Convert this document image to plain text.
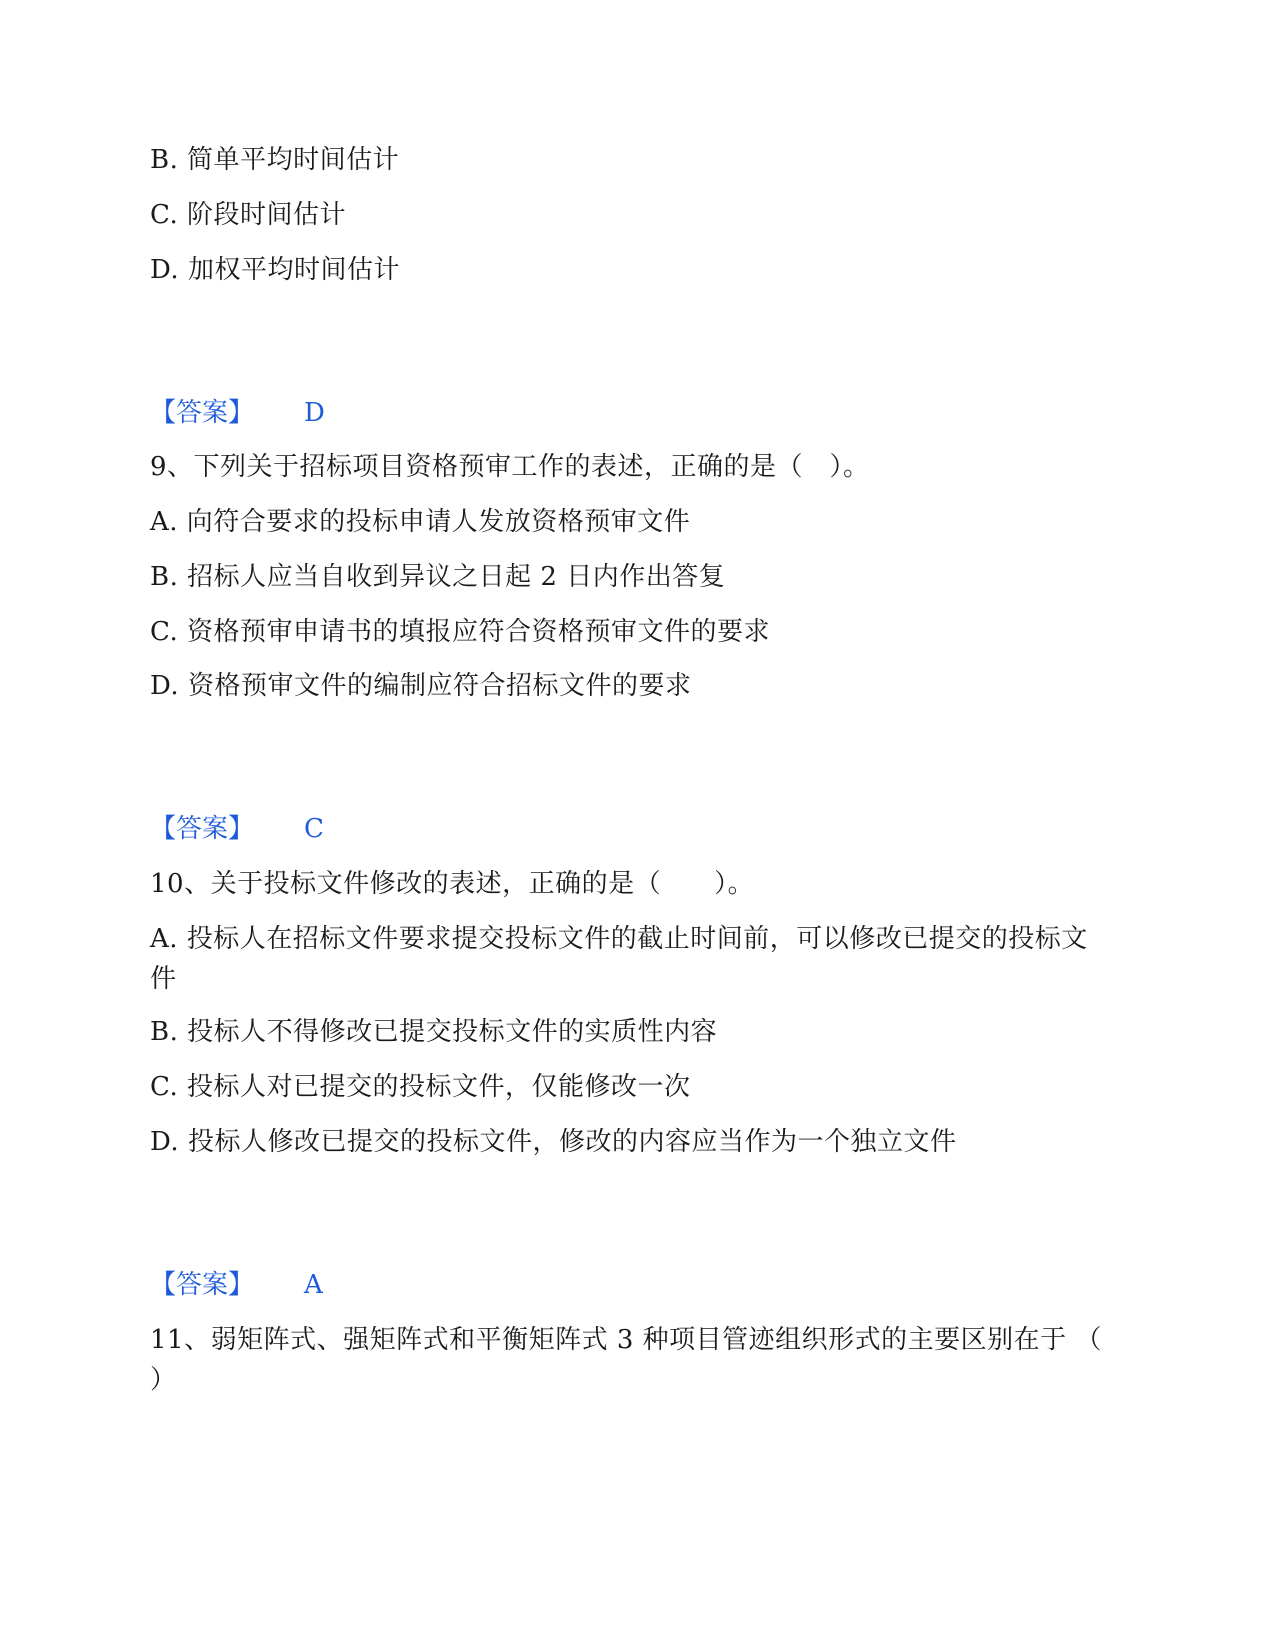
B. 简单平均时间估计
C. 阶段时间估计
D. 加权平均时间估计
【答案】 D
9、下列关于招标项目资格预审工作的表述，正确的是（　）。
A. 向符合要求的投标申请人发放资格预审文件
B. 招标人应当自收到异议之日起 2 日内作出答复
C. 资格预审申请书的填报应符合资格预审文件的要求
D. 资格预审文件的编制应符合招标文件的要求
【答案】 C
10、关于投标文件修改的表述，正确的是（　　）。
A. 投标人在招标文件要求提交投标文件的截止时间前，可以修改已提交的投标文件
B. 投标人不得修改已提交投标文件的实质性内容
C. 投标人对已提交的投标文件，仅能修改一次
D. 投标人修改已提交的投标文件，修改的内容应当作为一个独立文件
【答案】 A
11、弱矩阵式、强矩阵式和平衡矩阵式 3 种项目管迹组织形式的主要区别在于 （ ）
